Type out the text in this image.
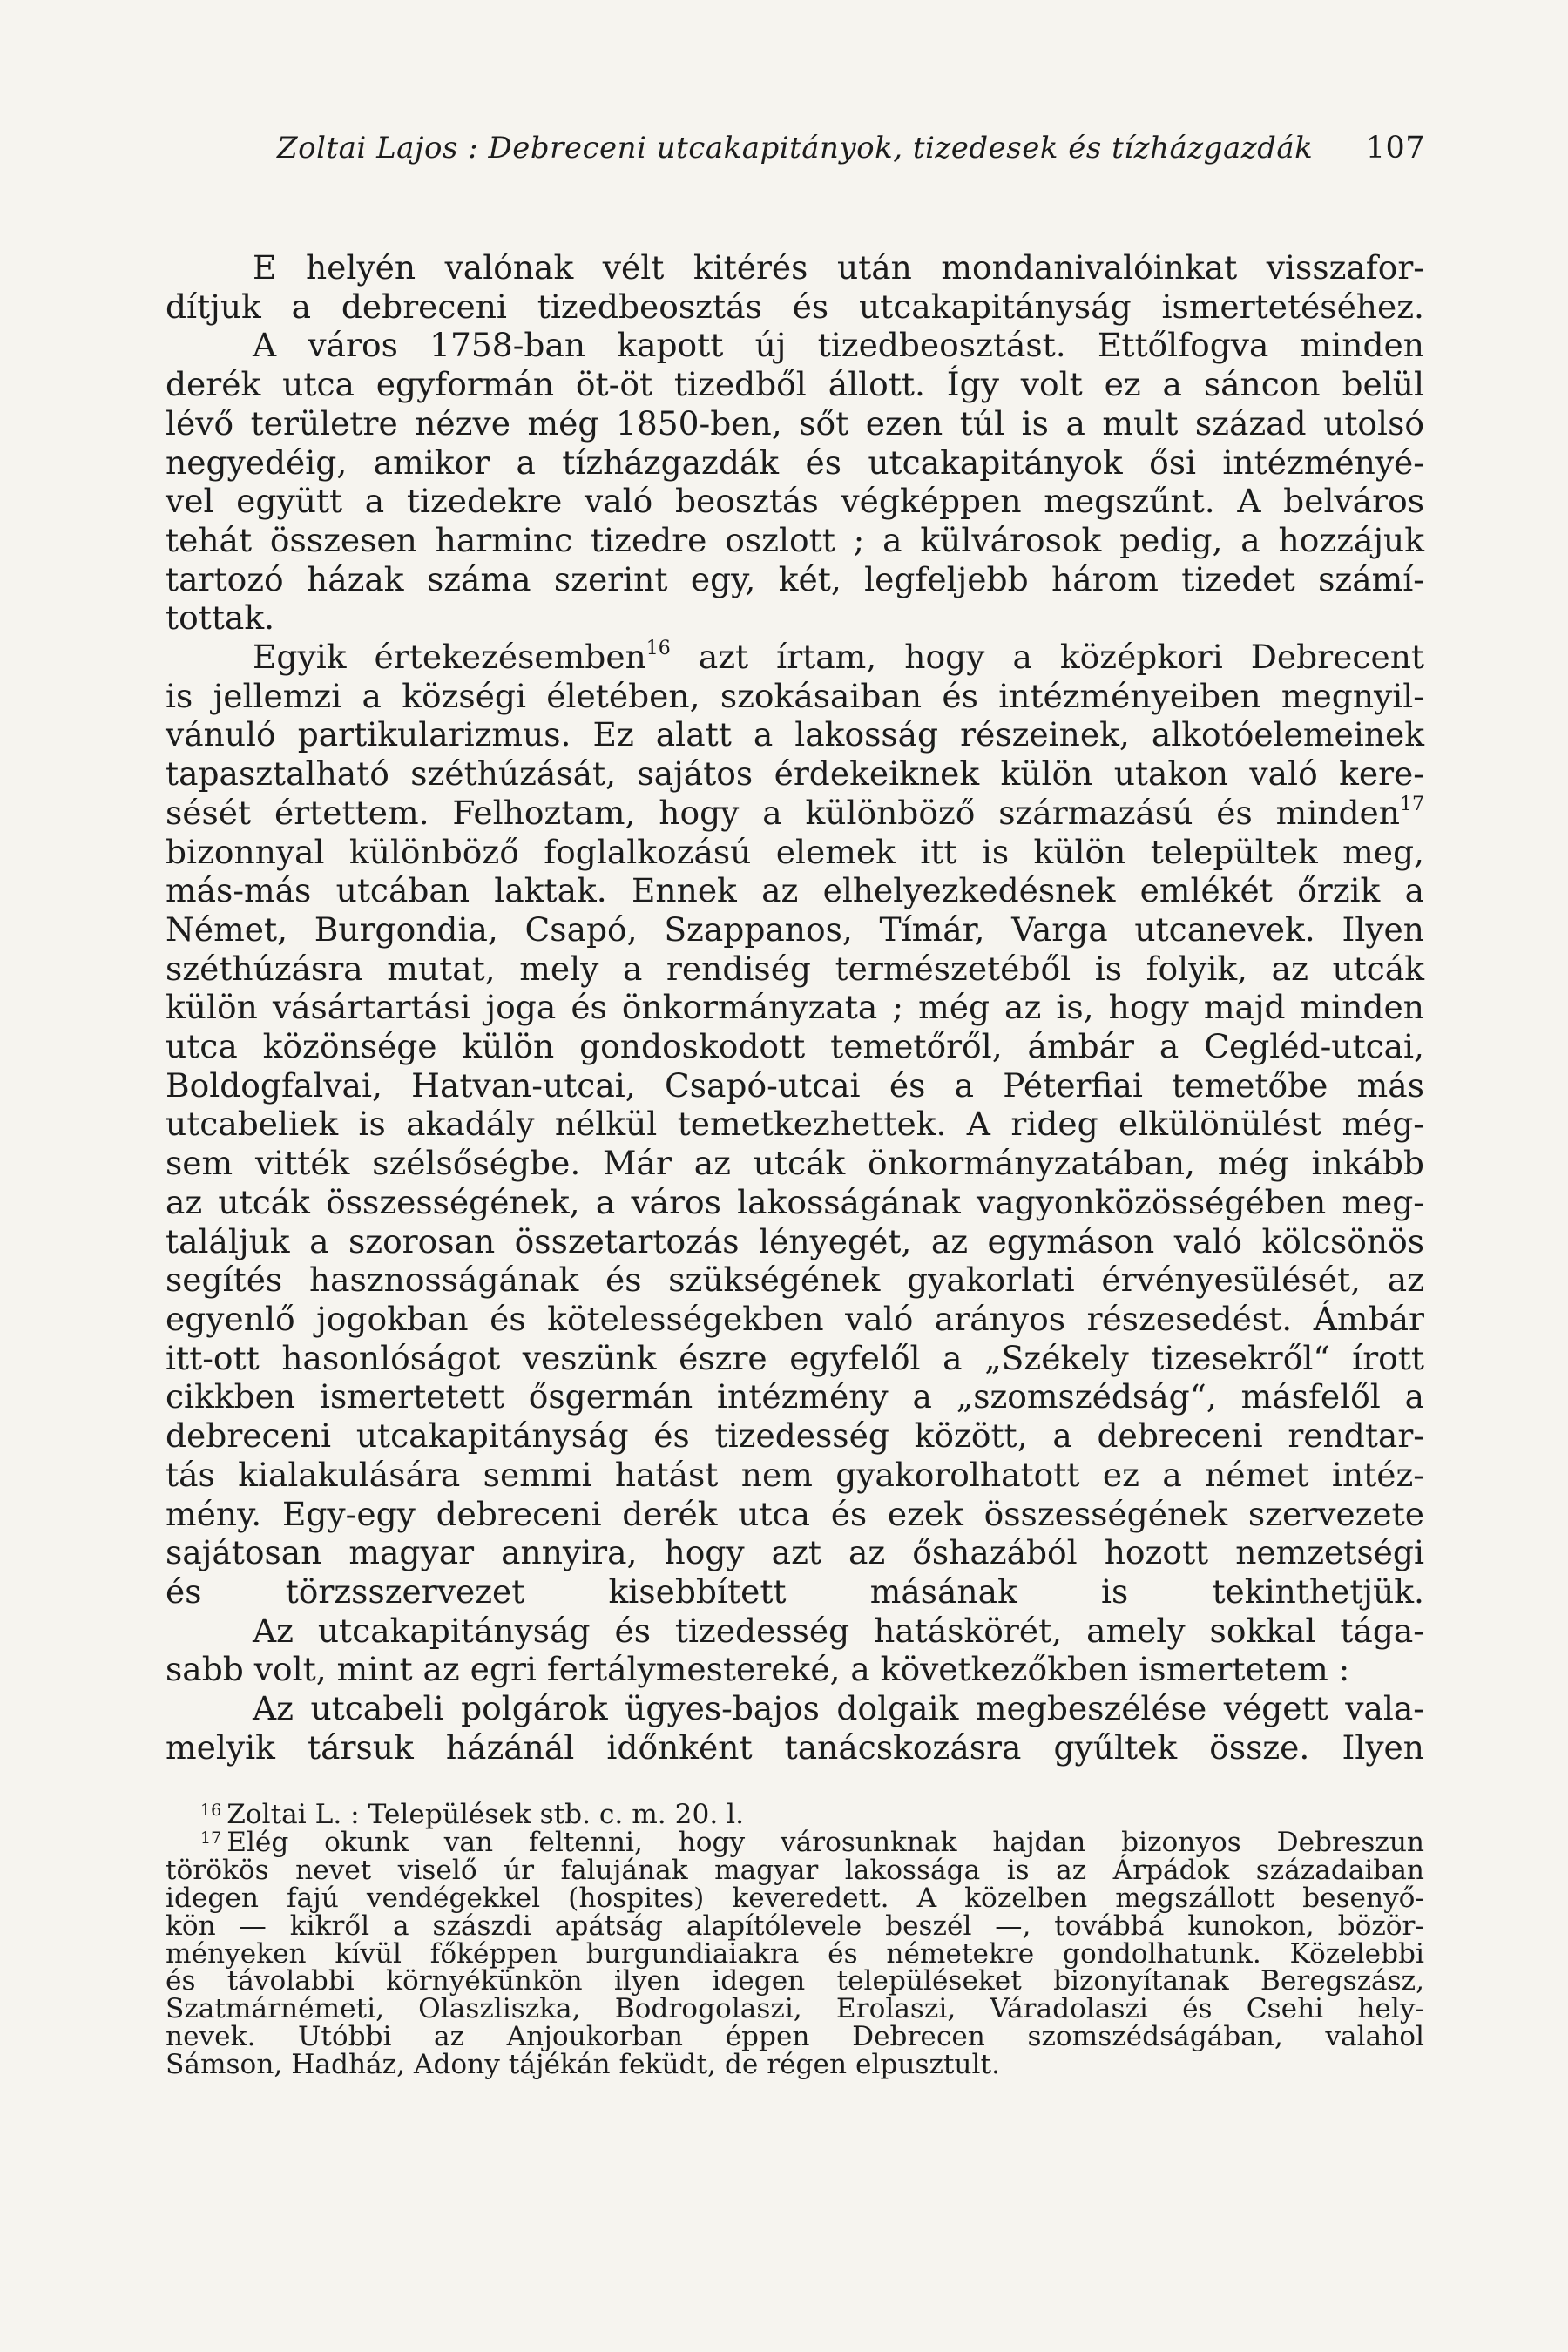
Zoltai Lajos : Debreceni utcakapitányok, tizedesek és tízházgazdák 107
E helyén valónak vélt kitérés után mondanivalóinkat visszafor-
dítjuk a debreceni tizedbeosztás és utcakapitányság ismertetéséhez.
A város 1758-ban kapott új tizedbeosztást. Ettőlfogva minden
derék utca egyformán öt-öt tizedből állott. Így volt ez a sáncon belül
lévő területre nézve még 1850-ben, sőt ezen túl is a mult század utolsó
negyedéig, amikor a tízházgazdák és utcakapitányok ősi intézményé-
vel együtt a tizedekre való beosztás végképpen megszűnt. A belváros
tehát összesen harminc tizedre oszlott ; a külvárosok pedig, a hozzájuk
tartozó házak száma szerint egy, két, legfeljebb három tizedet számí-
tottak.
Egyik értekezésemben$^{16}$ azt írtam, hogy a középkori Debrecent
is jellemzi a községi életében, szokásaiban és intézményeiben megnyil-
vánuló partikularizmus. Ez alatt a lakosság részeinek, alkotóelemeinek
tapasztalható széthúzását, sajátos érdekeiknek külön utakon való kere-
sését értettem. Felhoztam, hogy a különböző származású és minden$^{17}$
bizonnyal különböző foglalkozású elemek itt is külön települtek meg,
más-más utcában laktak. Ennek az elhelyezkedésnek emlékét őrzik a
Német, Burgondia, Csapó, Szappanos, Tímár, Varga utcanevek. Ilyen
széthúzásra mutat, mely a rendiség természetéből is folyik, az utcák
külön vásártartási joga és önkormányzata ; még az is, hogy majd minden
utca közönsége külön gondoskodott temetőről, ámbár a Cegléd-utcai,
Boldogfalvai, Hatvan-utcai, Csapó-utcai és a Péterfiai temetőbe más
utcabeliek is akadály nélkül temetkezhettek. A rideg elkülönülést még-
sem vitték szélsőségbe. Már az utcák önkormányzatában, még inkább
az utcák összességének, a város lakosságának vagyonközösségében meg-
találjuk a szorosan összetartozás lényegét, az egymáson való kölcsönös
segítés hasznosságának és szükségének gyakorlati érvényesülését, az
egyenlő jogokban és kötelességekben való arányos részesedést. Ámbár
itt-ott hasonlóságot veszünk észre egyfelől a „Székely tizesekről“ írott
cikkben ismertetett ősgermán intézmény a „szomszédság“, másfelől a
debreceni utcakapitányság és tizedesség között, a debreceni rendtar-
tás kialakulására semmi hatást nem gyakorolhatott ez a német intéz-
mény. Egy-egy debreceni derék utca és ezek összességének szervezete
sajátosan magyar annyira, hogy azt az őshazából hozott nemzetségi
és törzsszervezet kisebbített másának is tekinthetjük.
Az utcakapitányság és tizedesség hatáskörét, amely sokkal tága-
sabb volt, mint az egri fertálymestereké, a következőkben ismertetem :
Az utcabeli polgárok ügyes-bajos dolgaik megbeszélése végett vala-
melyik társuk házánál időnként tanácskozásra gyűltek össze. Ilyen
$^{16}$ Zoltai L. : Települések stb. c. m. 20. l.
$^{17}$ Elég okunk van feltenni, hogy városunknak hajdan bizonyos Debreszun
törökös nevet viselő úr falujának magyar lakossága is az Árpádok századaiban
idegen fajú vendégekkel (hospites) keveredett. A közelben megszállott besenyő-
kön — kikről a szászdi apátság alapítólevele beszél —, továbbá kunokon, bözör-
ményeken kívül főképpen burgundiaiakra és németekre gondolhatunk. Közelebbi
és távolabbi környékünkön ilyen idegen településeket bizonyítanak Beregszász,
Szatmárnémeti, Olaszliszka, Bodrogolaszi, Erolaszi, Váradolaszi és Csehi hely-
nevek. Utóbbi az Anjoukorban éppen Debrecen szomszédságában, valahol
Sámson, Hadház, Adony tájékán feküdt, de régen elpusztult.
